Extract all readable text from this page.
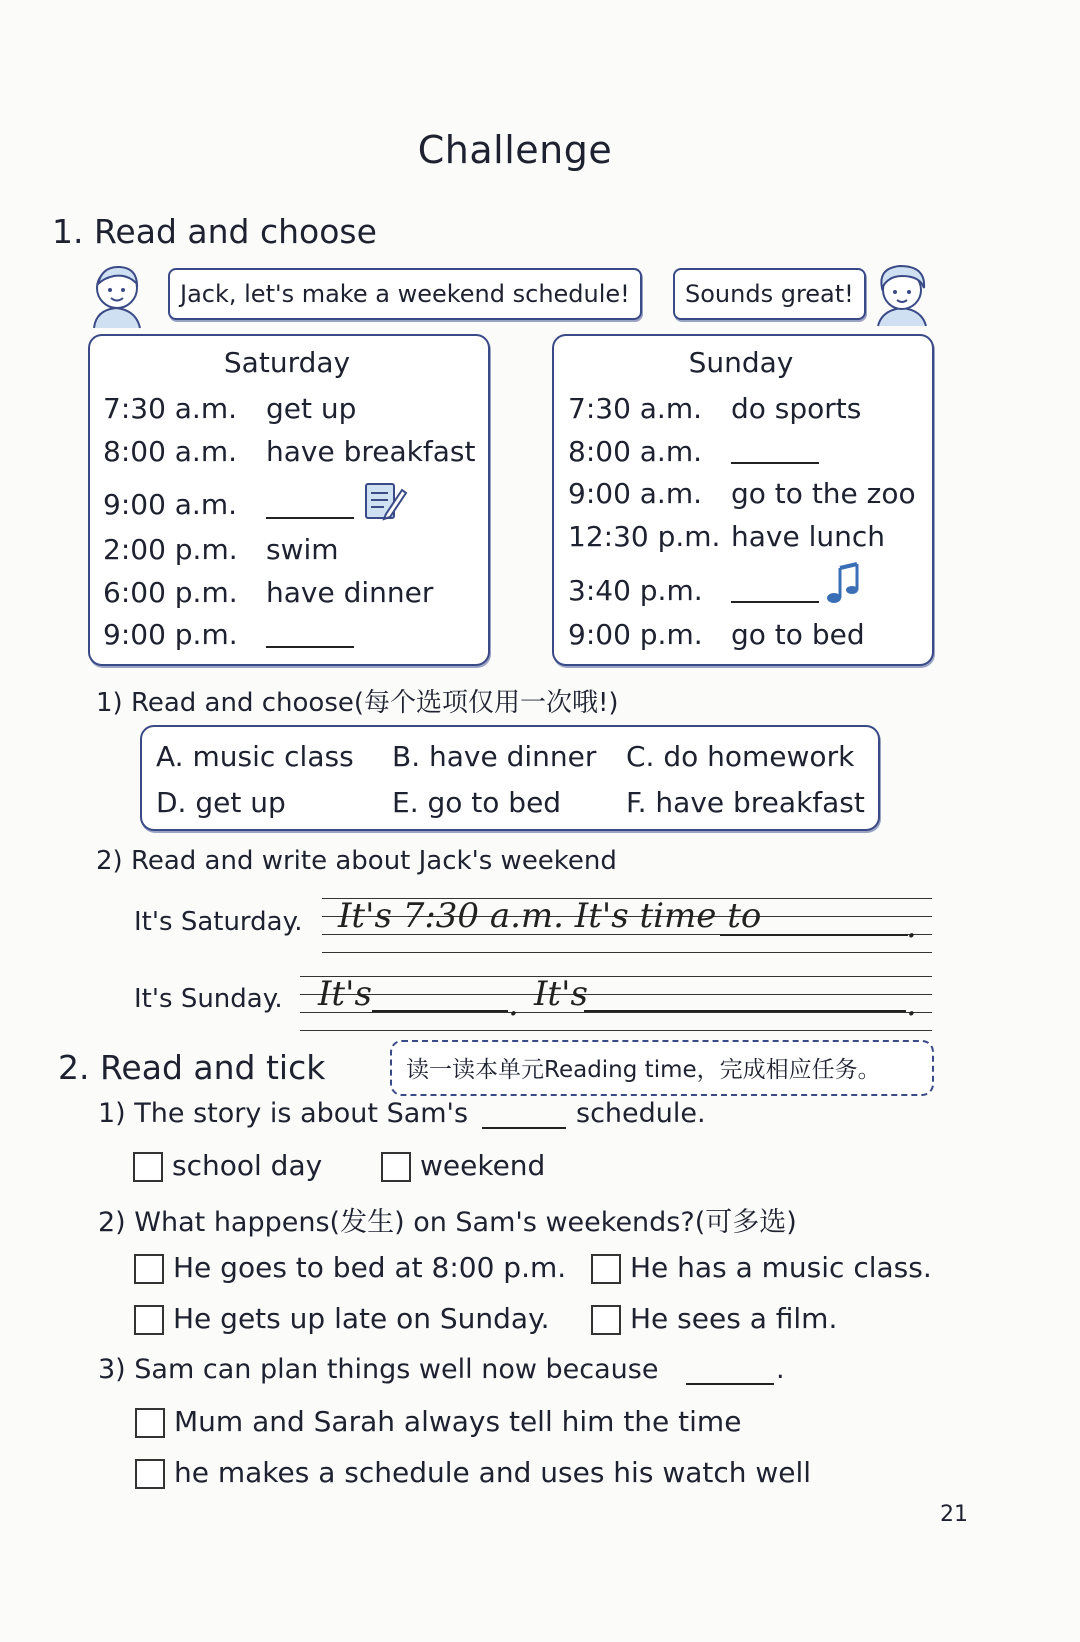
Challenge
1. Read and choose
Jack, let's make a weekend schedule!	Sounds great!
Saturday
7:30 a.m. get up
8:00 a.m. have breakfast
9:00 a.m.
2:00 p.m. swim
6:00 p.m. have dinner
9:00 p.m.
Sunday
7:30 a.m. do sports
8:00 a.m.
9:00 a.m. go to the zoo
12:30 p.m. have lunch
3:40 p.m.
9:00 p.m. go to bed
1) Read and choose(每个选项仅用一次哦!)
A. music class B. have dinner C. do homework
D. get up	E. go to bed F. have breakfast
2) Read and write about Jack's weekend
It's Saturday. It's 7:30 a.m. It's time to	.
It's Sunday. It's	. It's	.
2. Read and tick	读一读本单元Reading time，完成相应任务。
1) The story is about Sam's	schedule.
school day	weekend
2) What happens(发生) on Sam's weekends?(可多选)
He goes to bed at 8:00 p.m. He has a music class.
He gets up late on Sunday.	He sees a film.
3) Sam can plan things well now because	.
Mum and Sarah always tell him the time
he makes a schedule and uses his watch well
21
